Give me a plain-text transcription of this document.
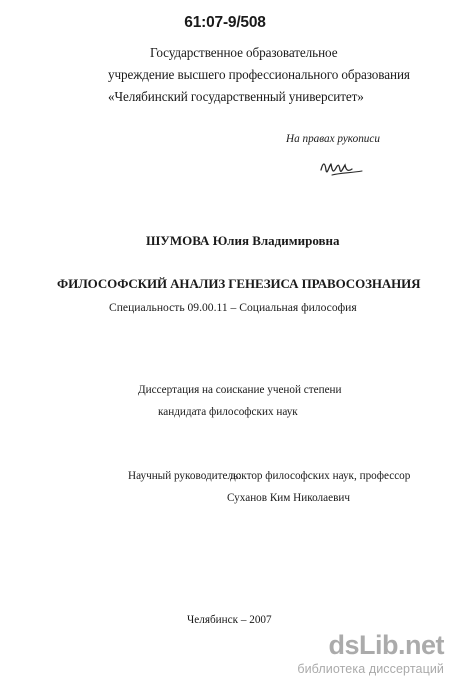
61:07-9/508
Государственное образовательное
учреждение высшего профессионального образования
«Челябинский государственный университет»
На правах рукописи
ШУМОВА Юлия Владимировна
ФИЛОСОФСКИЙ АНАЛИЗ ГЕНЕЗИСА ПРАВОСОЗНАНИЯ
Специальность 09.00.11 – Социальная философия
Диссертация на соискание ученой степени
кандидата философских наук
Научный руководитель:
доктор философских наук, профессор
Суханов Ким Николаевич
Челябинск – 2007
dsLib.net
библиотека диссертаций
